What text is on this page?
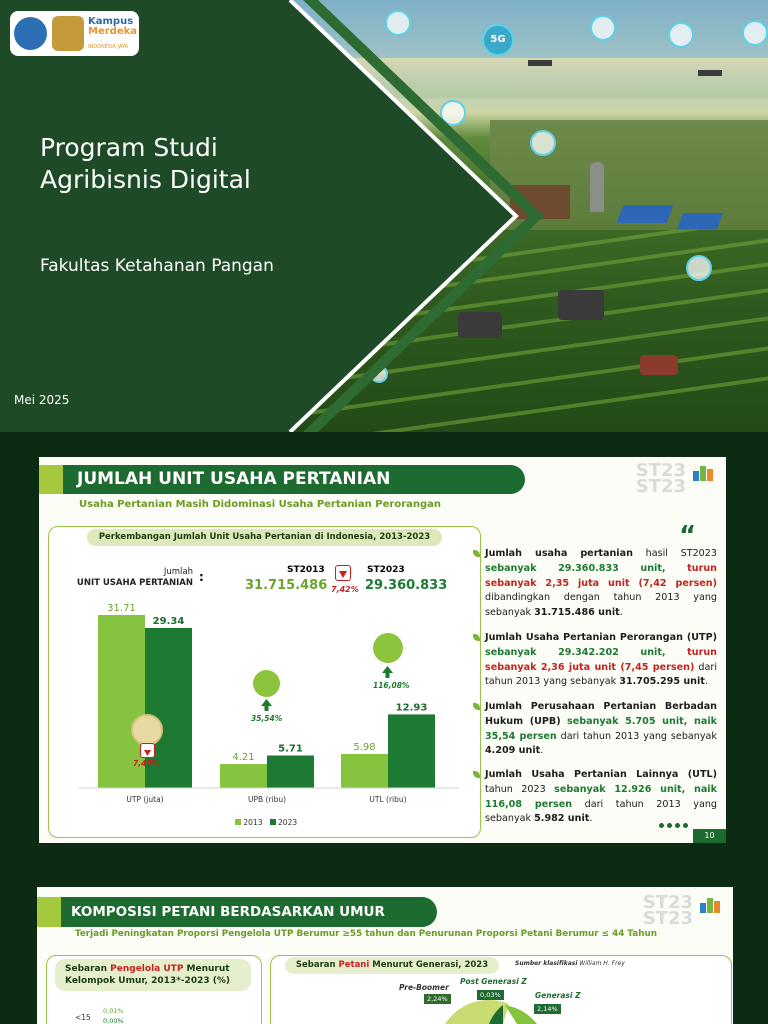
5G
Kampus
Merdeka
INDONESIA JAYA
Program Studi
Agribisnis Digital
Fakultas Ketahanan Pangan
Mei 2025
JUMLAH UNIT USAHA PERTANIAN
Usaha Pertanian Masih Didominasi Usaha Pertanian Perorangan
ST23
ST23
Perkembangan Jumlah Unit Usaha Pertanian di Indonesia, 2013-2023
Jumlah
UNIT USAHA PERTANIAN :	ST2013
31.715.486 7,42%
ST2023
29.360.833
31.71
29.34
UTP (juta)
4.21
5.71
UPB (ribu)
5.98
12.93
UTL (ribu)
7,45%
35,54%
116,08%
2013 2023
“
Jumlah usaha pertanian hasil ST2023 sebanyak 29.360.833 unit, turun sebanyak 2,35 juta unit (7,42 persen) dibandingkan dengan tahun 2013 yang sebanyak 31.715.486 unit.
Jumlah Usaha Pertanian Perorangan (UTP) sebanyak 29.342.202 unit, turun sebanyak 2,36 juta unit (7,45 persen) dari tahun 2013 yang sebanyak 31.705.295 unit.
Jumlah Perusahaan Pertanian Berbadan Hukum (UPB) sebanyak 5.705 unit, naik 35,54 persen dari tahun 2013 yang sebanyak 4.209 unit.
Jumlah Usaha Pertanian Lainnya (UTL) tahun 2023 sebanyak 12.926 unit, naik 116,08 persen dari tahun 2013 yang sebanyak 5.982 unit.
10
KOMPOSISI PETANI BERDASARKAN UMUR
Terjadi Peningkatan Proporsi Pengelola UTP Berumur ≥55 tahun dan Penurunan Proporsi Petani Berumur ≤ 44 Tahun
ST23
ST23
Sebaran Pengelola UTP Menurut
Kelompok Umur, 2013*-2023 (%)
<15
0,01%
0,00%
Sebaran Petani Menurut Generasi, 2023	Sumber klasifikasi William H. Frey
Pre-Boomer
2,24%
Post Generasi Z
0,03%	Generasi Z
2,14%
